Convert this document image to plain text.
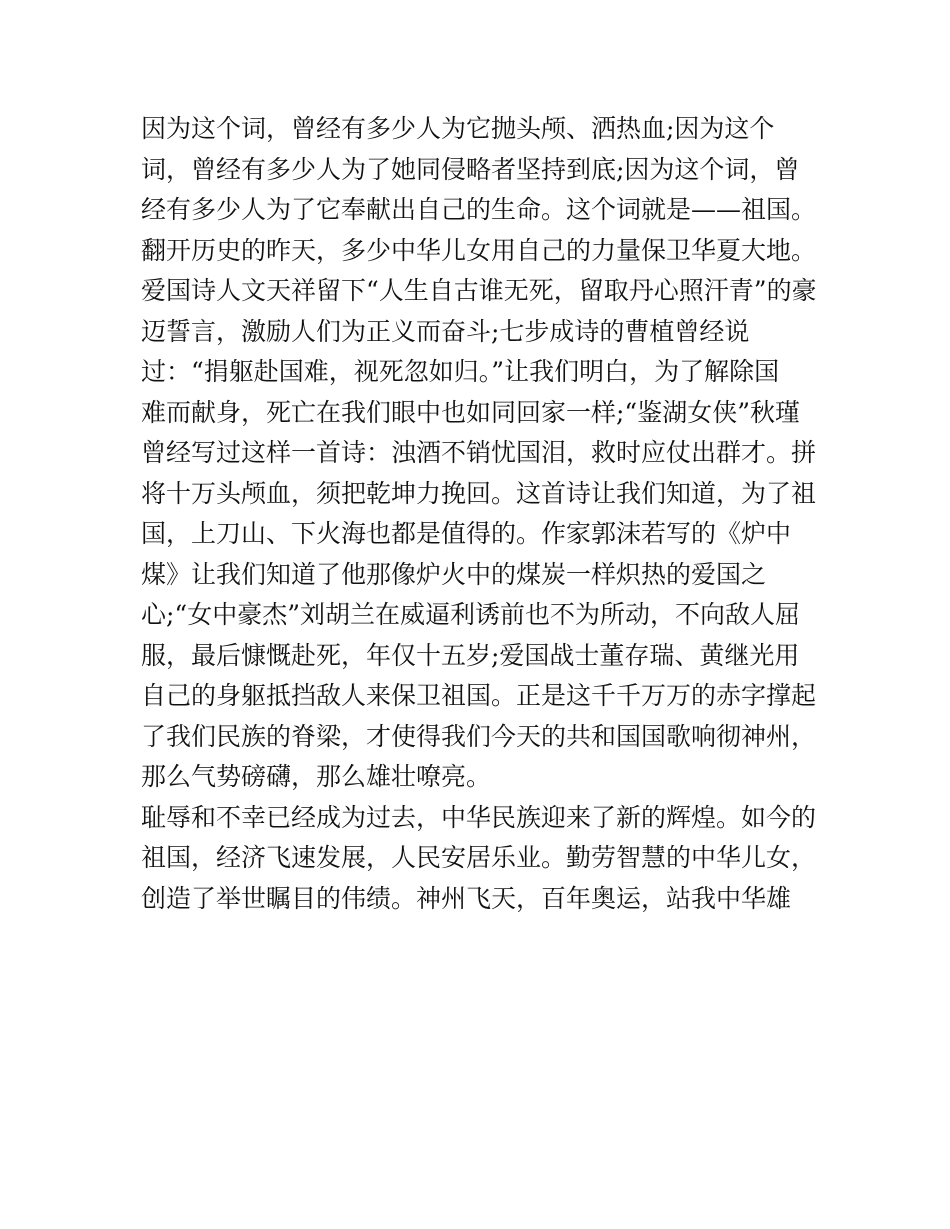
因为这个词，曾经有多少人为它抛头颅、洒热血;因为这个
词，曾经有多少人为了她同侵略者坚持到底;因为这个词，曾
经有多少人为了它奉献出自己的生命。这个词就是——祖国。
翻开历史的昨天，多少中华儿女用自己的力量保卫华夏大地。
爱国诗人文天祥留下“人生自古谁无死，留取丹心照汗青”的豪
迈誓言，激励人们为正义而奋斗;七步成诗的曹植曾经说
过：“捐躯赴国难，视死忽如归。”让我们明白，为了解除国
难而献身，死亡在我们眼中也如同回家一样;“鉴湖女侠”秋瑾
曾经写过这样一首诗：浊酒不销忧国泪，救时应仗出群才。拼
将十万头颅血，须把乾坤力挽回。这首诗让我们知道，为了祖
国，上刀山、下火海也都是值得的。作家郭沫若写的《炉中
煤》让我们知道了他那像炉火中的煤炭一样炽热的爱国之
心;“女中豪杰”刘胡兰在威逼利诱前也不为所动，不向敌人屈
服，最后慷慨赴死，年仅十五岁;爱国战士董存瑞、黄继光用
自己的身躯抵挡敌人来保卫祖国。正是这千千万万的赤字撑起
了我们民族的脊梁，才使得我们今天的共和国国歌响彻神州，
那么气势磅礴，那么雄壮嘹亮。
耻辱和不幸已经成为过去，中华民族迎来了新的辉煌。如今的
祖国，经济飞速发展，人民安居乐业。勤劳智慧的中华儿女，
创造了举世瞩目的伟绩。神州飞天，百年奥运，站我中华雄
